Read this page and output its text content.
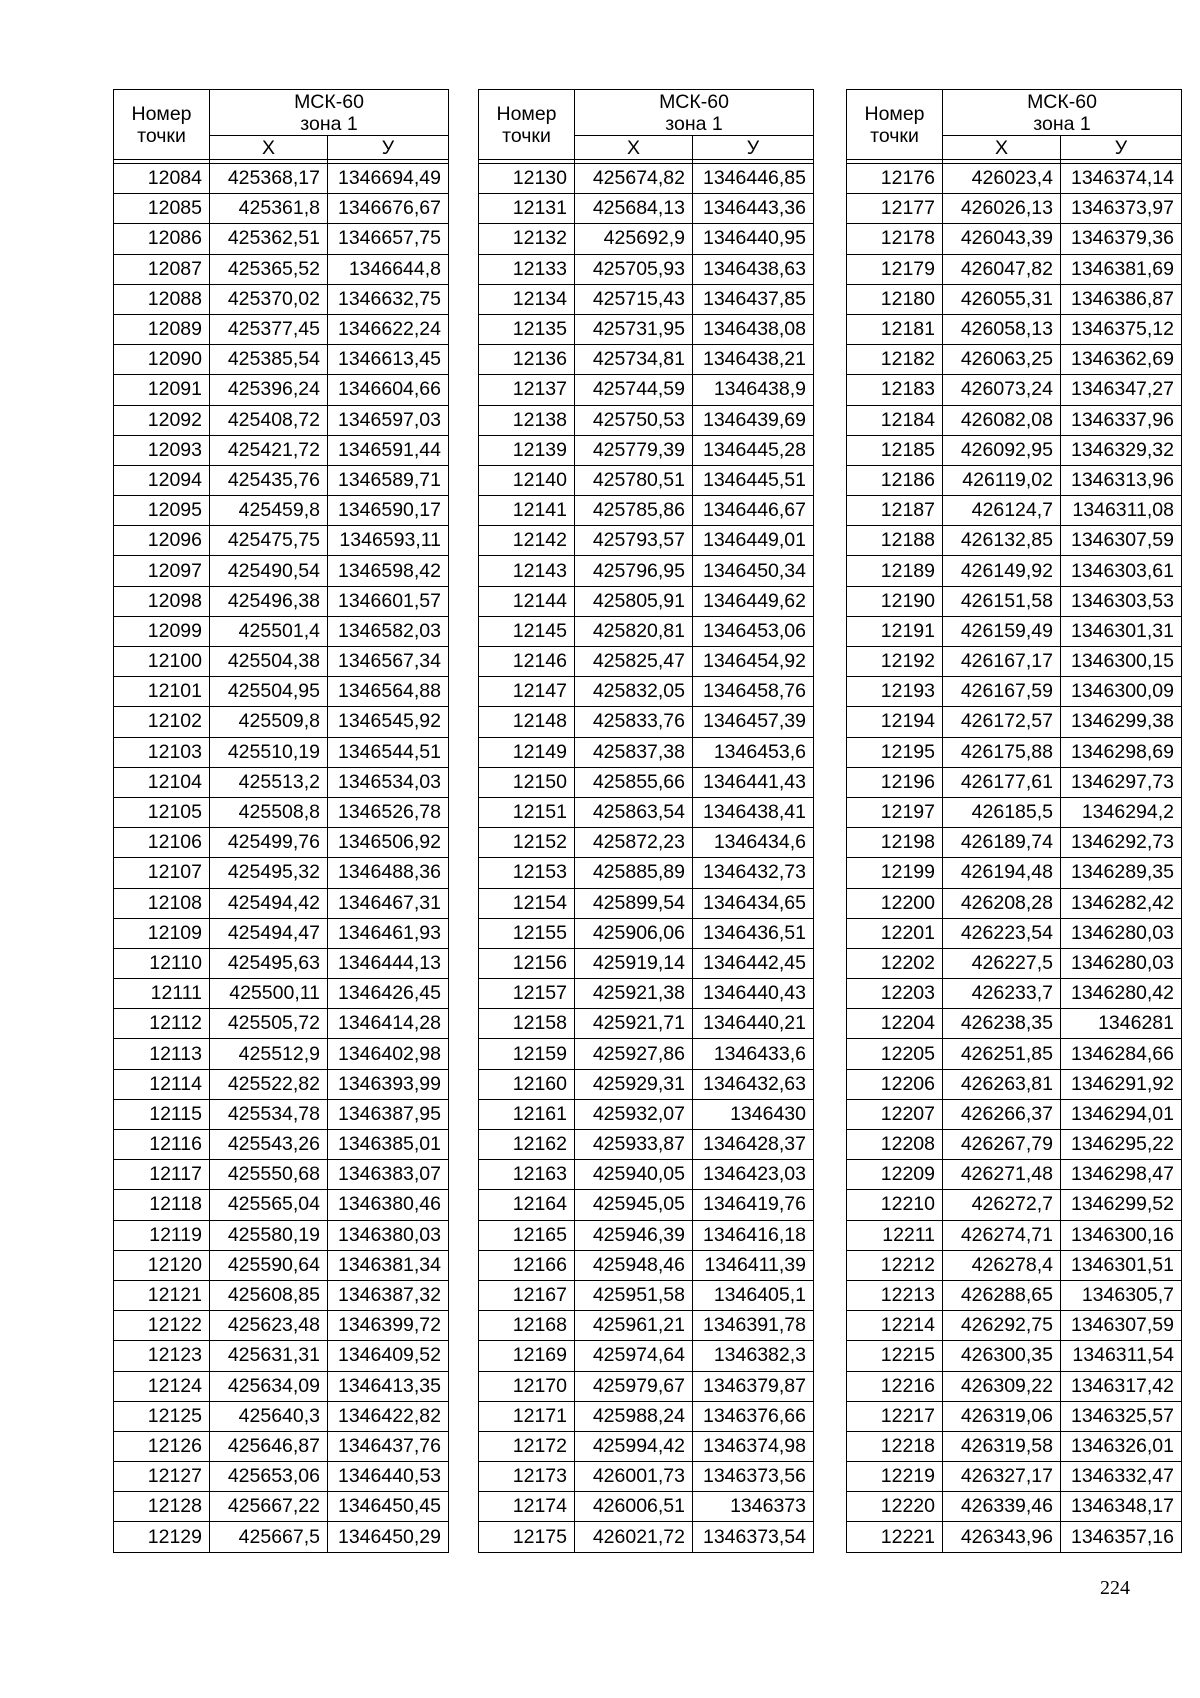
Номер
точки	МСК-60
зона 1	
	Х	У

12084	425368,17	1346694,49
12085	425361,8	1346676,67
12086	425362,51	1346657,75
12087	425365,52	1346644,8
12088	425370,02	1346632,75
12089	425377,45	1346622,24
12090	425385,54	1346613,45
12091	425396,24	1346604,66
12092	425408,72	1346597,03
12093	425421,72	1346591,44
12094	425435,76	1346589,71
12095	425459,8	1346590,17
12096	425475,75	1346593,11
12097	425490,54	1346598,42
12098	425496,38	1346601,57
12099	425501,4	1346582,03
12100	425504,38	1346567,34
12101	425504,95	1346564,88
12102	425509,8	1346545,92
12103	425510,19	1346544,51
12104	425513,2	1346534,03
12105	425508,8	1346526,78
12106	425499,76	1346506,92
12107	425495,32	1346488,36
12108	425494,42	1346467,31
12109	425494,47	1346461,93
12110	425495,63	1346444,13
12111	425500,11	1346426,45
12112	425505,72	1346414,28
12113	425512,9	1346402,98
12114	425522,82	1346393,99
12115	425534,78	1346387,95
12116	425543,26	1346385,01
12117	425550,68	1346383,07
12118	425565,04	1346380,46
12119	425580,19	1346380,03
12120	425590,64	1346381,34
12121	425608,85	1346387,32
12122	425623,48	1346399,72
12123	425631,31	1346409,52
12124	425634,09	1346413,35
12125	425640,3	1346422,82
12126	425646,87	1346437,76
12127	425653,06	1346440,53
12128	425667,22	1346450,45
12129	425667,5	1346450,29
Номер
точки	МСК-60
зона 1	
	Х	У

12130	425674,82	1346446,85
12131	425684,13	1346443,36
12132	425692,9	1346440,95
12133	425705,93	1346438,63
12134	425715,43	1346437,85
12135	425731,95	1346438,08
12136	425734,81	1346438,21
12137	425744,59	1346438,9
12138	425750,53	1346439,69
12139	425779,39	1346445,28
12140	425780,51	1346445,51
12141	425785,86	1346446,67
12142	425793,57	1346449,01
12143	425796,95	1346450,34
12144	425805,91	1346449,62
12145	425820,81	1346453,06
12146	425825,47	1346454,92
12147	425832,05	1346458,76
12148	425833,76	1346457,39
12149	425837,38	1346453,6
12150	425855,66	1346441,43
12151	425863,54	1346438,41
12152	425872,23	1346434,6
12153	425885,89	1346432,73
12154	425899,54	1346434,65
12155	425906,06	1346436,51
12156	425919,14	1346442,45
12157	425921,38	1346440,43
12158	425921,71	1346440,21
12159	425927,86	1346433,6
12160	425929,31	1346432,63
12161	425932,07	1346430
12162	425933,87	1346428,37
12163	425940,05	1346423,03
12164	425945,05	1346419,76
12165	425946,39	1346416,18
12166	425948,46	1346411,39
12167	425951,58	1346405,1
12168	425961,21	1346391,78
12169	425974,64	1346382,3
12170	425979,67	1346379,87
12171	425988,24	1346376,66
12172	425994,42	1346374,98
12173	426001,73	1346373,56
12174	426006,51	1346373
12175	426021,72	1346373,54
Номер
точки	МСК-60
зона 1	
	Х	У

12176	426023,4	1346374,14
12177	426026,13	1346373,97
12178	426043,39	1346379,36
12179	426047,82	1346381,69
12180	426055,31	1346386,87
12181	426058,13	1346375,12
12182	426063,25	1346362,69
12183	426073,24	1346347,27
12184	426082,08	1346337,96
12185	426092,95	1346329,32
12186	426119,02	1346313,96
12187	426124,7	1346311,08
12188	426132,85	1346307,59
12189	426149,92	1346303,61
12190	426151,58	1346303,53
12191	426159,49	1346301,31
12192	426167,17	1346300,15
12193	426167,59	1346300,09
12194	426172,57	1346299,38
12195	426175,88	1346298,69
12196	426177,61	1346297,73
12197	426185,5	1346294,2
12198	426189,74	1346292,73
12199	426194,48	1346289,35
12200	426208,28	1346282,42
12201	426223,54	1346280,03
12202	426227,5	1346280,03
12203	426233,7	1346280,42
12204	426238,35	1346281
12205	426251,85	1346284,66
12206	426263,81	1346291,92
12207	426266,37	1346294,01
12208	426267,79	1346295,22
12209	426271,48	1346298,47
12210	426272,7	1346299,52
12211	426274,71	1346300,16
12212	426278,4	1346301,51
12213	426288,65	1346305,7
12214	426292,75	1346307,59
12215	426300,35	1346311,54
12216	426309,22	1346317,42
12217	426319,06	1346325,57
12218	426319,58	1346326,01
12219	426327,17	1346332,47
12220	426339,46	1346348,17
12221	426343,96	1346357,16
224
